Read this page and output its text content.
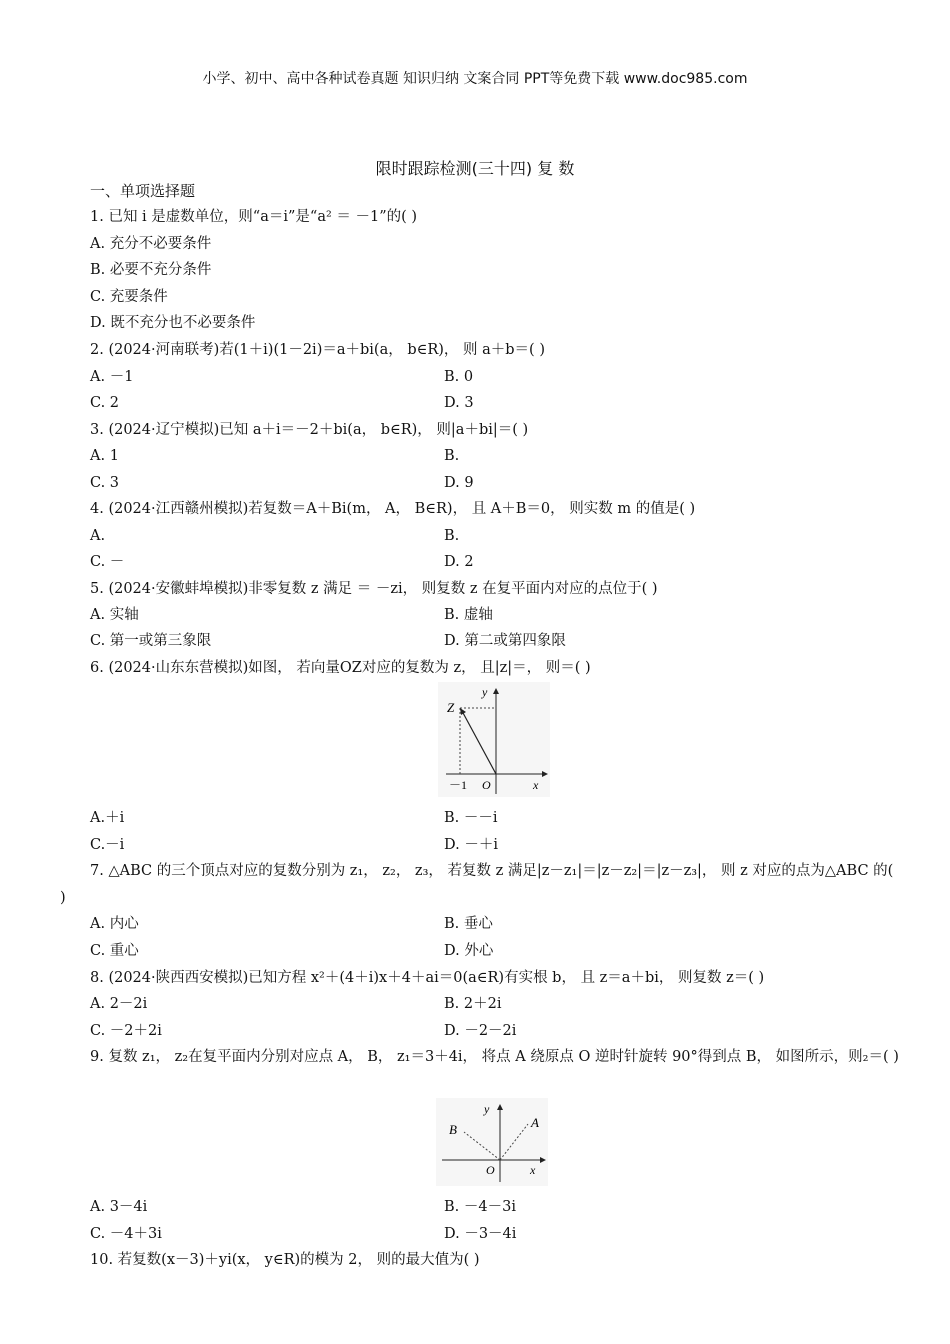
小学、初中、高中各种试卷真题 知识归纳 文案合同 PPT等免费下载 www.doc985.com
限时跟踪检测(三十四) 复 数
一、单项选择题
1. 已知 i 是虚数单位，则“a＝i”是“a² ＝ －1”的( )
A. 充分不必要条件
B. 必要不充分条件
C. 充要条件
D. 既不充分也不必要条件
2. (2024·河南联考)若(1＋i)(1－2i)＝a＋bi(a， b∈R)， 则 a＋b＝( )
A. －1	B. 0
C. 2	D. 3
3. (2024·辽宁模拟)已知 a＋i＝－2＋bi(a， b∈R)， 则|a＋bi|＝( )
A. 1	B.
C. 3	D. 9
4. (2024·江西赣州模拟)若复数＝A＋Bi(m， A， B∈R)， 且 A＋B＝0， 则实数 m 的值是( )
A.	B.
C. －	D. 2
5. (2024·安徽蚌埠模拟)非零复数 z 满足 ＝ －zi， 则复数 z 在复平面内对应的点位于( )
A. 实轴	B. 虚轴
C. 第一或第三象限	D. 第二或第四象限
6. (2024·山东东营模拟)如图， 若向量OZ对应的复数为 z， 且|z|＝， 则＝( )
y
Z
－1 O	x
A.＋i	B. －－i
C.－i	D. －＋i
7. △ABC 的三个顶点对应的复数分别为 z₁， z₂， z₃， 若复数 z 满足|z－z₁|＝|z－z₂|＝|z－z₃|， 则 z 对应的点为△ABC 的( )
A. 内心	B. 垂心
C. 重心	D. 外心
8. (2024·陕西西安模拟)已知方程 x²＋(4＋i)x＋4＋ai＝0(a∈R)有实根 b， 且 z＝a＋bi， 则复数 z＝( )
A. 2－2i	B. 2＋2i
C. －2＋2i	D. －2－2i
9. 复数 z₁， z₂在复平面内分别对应点 A， B， z₁＝3＋4i， 将点 A 绕原点 O 逆时针旋转 90°得到点 B， 如图所示，则₂＝( )
y
B	A
O	x
A. 3－4i	B. －4－3i
C. －4＋3i	D. －3－4i
10. 若复数(x－3)＋yi(x， y∈R)的模为 2， 则的最大值为( )
